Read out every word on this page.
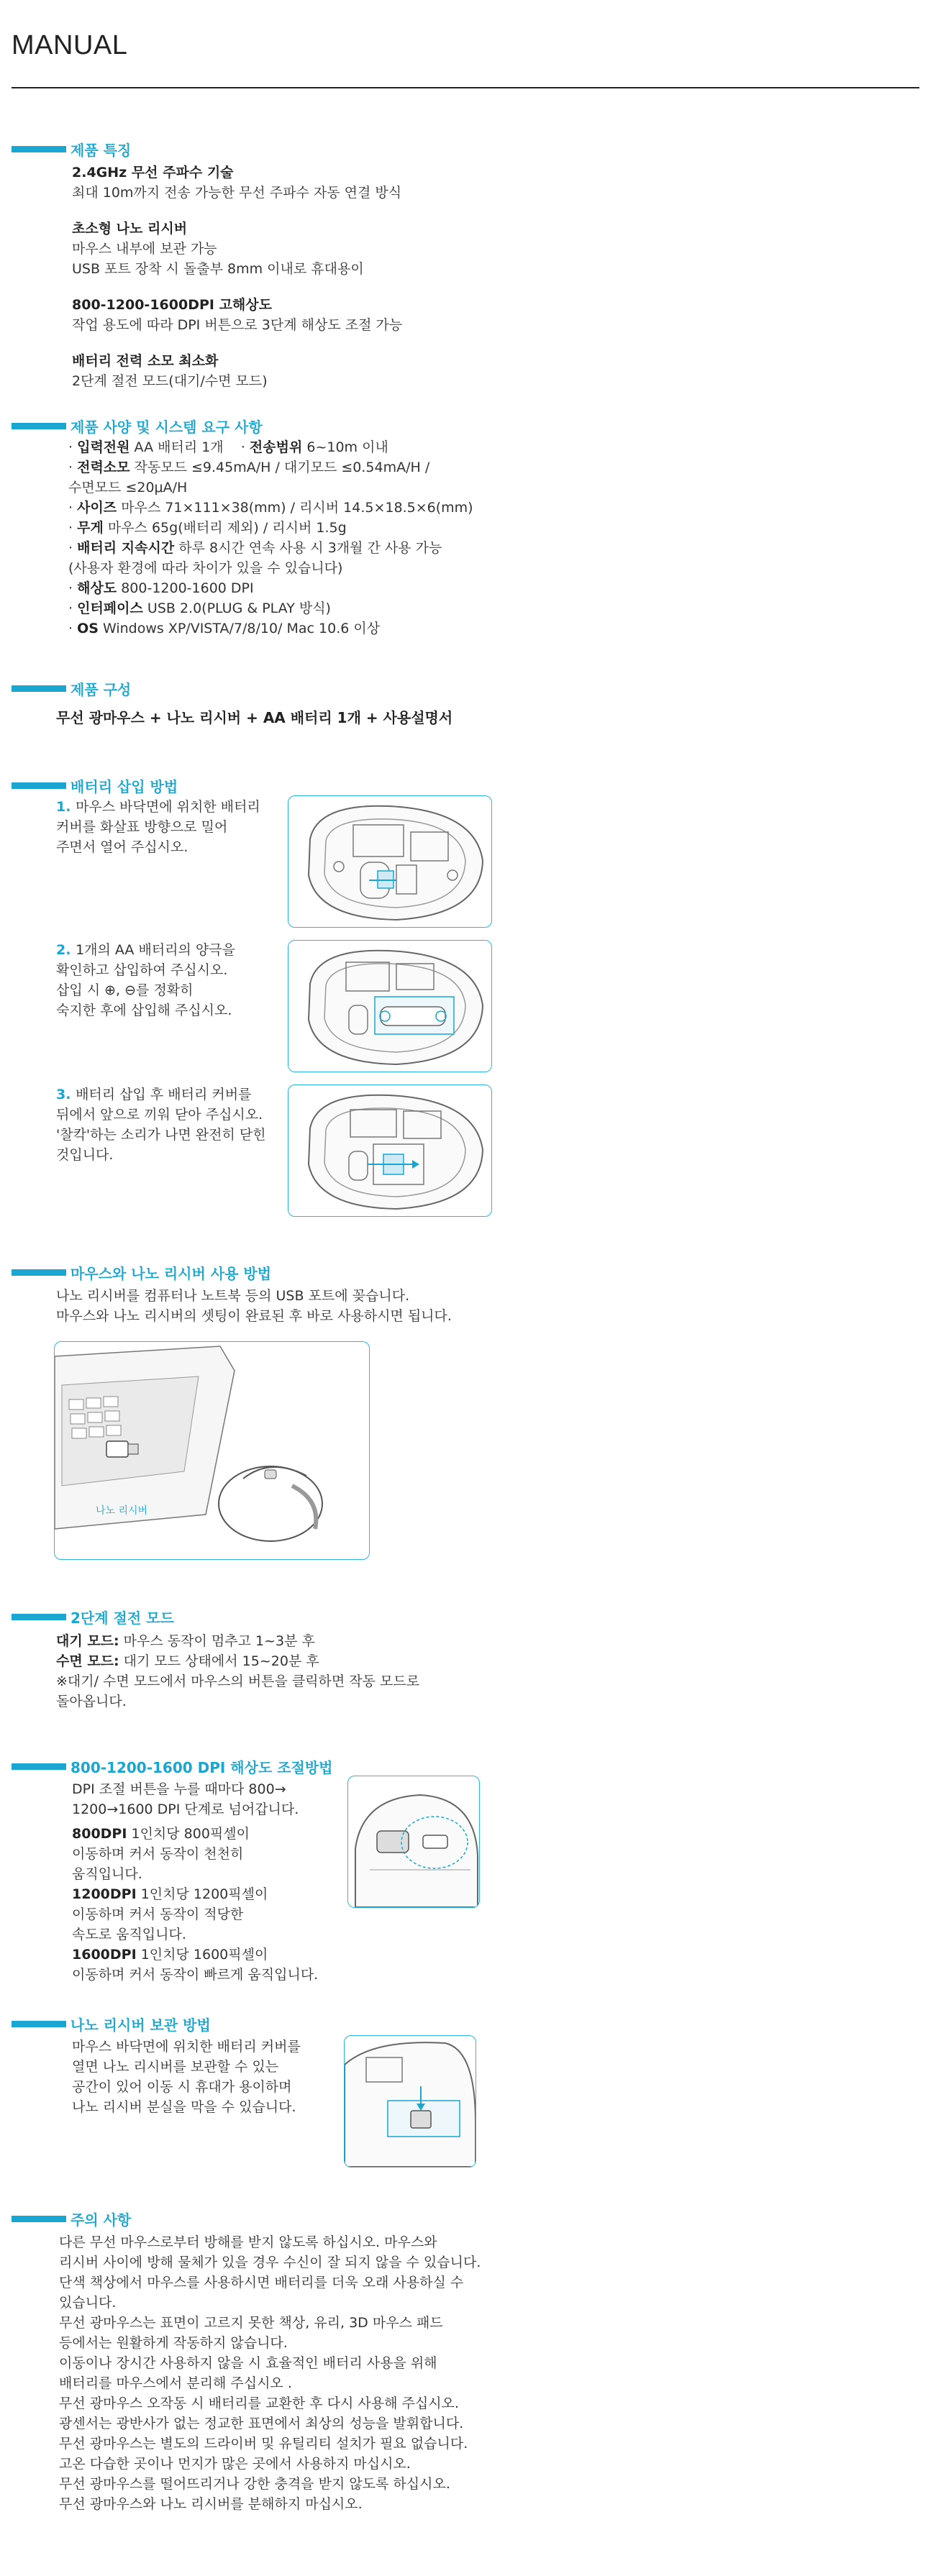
MANUAL
제품 특징
2.4GHz 무선 주파수 기술
최대 10m까지 전송 가능한 무선 주파수 자동 연결 방식
초소형 나노 리시버
마우스 내부에 보관 가능
USB 포트 장착 시 돌출부 8mm 이내로 휴대용이
800-1200-1600DPI 고해상도
작업 용도에 따라 DPI 버튼으로 3단계 해상도 조절 가능
배터리 전력 소모 최소화
2단계 절전 모드(대기/수면 모드)
제품 사양 및 시스템 요구 사항
· 입력전원 AA 배터리 1개    · 전송범위 6~10m 이내
· 전력소모 작동모드 ≤9.45mA/H / 대기모드 ≤0.54mA/H /
수면모드 ≤20μA/H
· 사이즈 마우스 71×111×38(mm) / 리시버 14.5×18.5×6(mm)
· 무게 마우스 65g(배터리 제외) / 리시버 1.5g
· 배터리 지속시간 하루 8시간 연속 사용 시 3개월 간 사용 가능
(사용자 환경에 따라 차이가 있을 수 있습니다)
· 해상도 800-1200-1600 DPI
· 인터페이스 USB 2.0(PLUG & PLAY 방식)
· OS Windows XP/VISTA/7/8/10/ Mac 10.6 이상
제품 구성
무선 광마우스 + 나노 리시버 + AA 배터리 1개 + 사용설명서
배터리 삽입 방법
1. 마우스 바닥면에 위치한 배터리
커버를 화살표 방향으로 밀어
주면서 열어 주십시오.
2. 1개의 AA 배터리의 양극을
확인하고 삽입하여 주십시오.
삽입 시 ⊕, ⊖를 정확히
숙지한 후에 삽입해 주십시오.
3. 배터리 삽입 후 배터리 커버를
뒤에서 앞으로 끼워 닫아 주십시오.
'찰칵'하는 소리가 나면 완전히 닫힌
것입니다.
마우스와 나노 리시버 사용 방법
나노 리시버를 컴퓨터나 노트북 등의 USB 포트에 꽂습니다.
마우스와 나노 리시버의 셋팅이 완료된 후 바로 사용하시면 됩니다.
나노 리시버
2단계 절전 모드
대기 모드: 마우스 동작이 멈추고 1~3분 후
수면 모드: 대기 모드 상태에서 15~20분 후
※대기/ 수면 모드에서 마우스의 버튼을 클릭하면 작동 모드로
돌아옵니다.
800-1200-1600 DPI 해상도 조절방법
DPI 조절 버튼을 누를 때마다 800→
1200→1600 DPI 단계로 넘어갑니다.
800DPI 1인치당 800픽셀이
이동하며 커서 동작이 천천히
움직입니다.
1200DPI 1인치당 1200픽셀이
이동하며 커서 동작이 적당한
속도로 움직입니다.
1600DPI 1인치당 1600픽셀이
이동하며 커서 동작이 빠르게 움직입니다.
나노 리시버 보관 방법
마우스 바닥면에 위치한 배터리 커버를
열면 나노 리시버를 보관할 수 있는
공간이 있어 이동 시 휴대가 용이하며
나노 리시버 분실을 막을 수 있습니다.
주의 사항
다른 무선 마우스로부터 방해를 받지 않도록 하십시오. 마우스와
리시버 사이에 방해 물체가 있을 경우 수신이 잘 되지 않을 수 있습니다.
단색 책상에서 마우스를 사용하시면 배터리를 더욱 오래 사용하실 수
있습니다.
무선 광마우스는 표면이 고르지 못한 책상, 유리, 3D 마우스 패드
등에서는 원활하게 작동하지 않습니다.
이동이나 장시간 사용하지 않을 시 효율적인 배터리 사용을 위해
배터리를 마우스에서 분리해 주십시오 .
무선 광마우스 오작동 시 배터리를 교환한 후 다시 사용해 주십시오.
광센서는 광반사가 없는 정교한 표면에서 최상의 성능을 발휘합니다.
무선 광마우스는 별도의 드라이버 및 유틸리티 설치가 필요 없습니다.
고온 다습한 곳이나 먼지가 많은 곳에서 사용하지 마십시오.
무선 광마우스를 떨어뜨리거나 강한 충격을 받지 않도록 하십시오.
무선 광마우스와 나노 리시버를 분해하지 마십시오.
